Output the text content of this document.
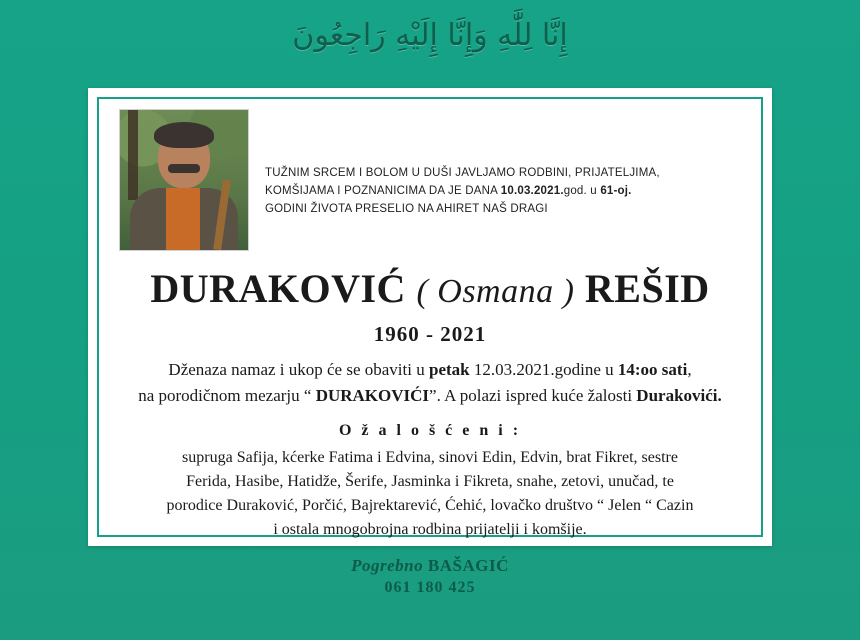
إِنَّا لِلَّٰهِ وَإِنَّا إِلَيْهِ رَاجِعُونَ
TUŽNIM SRCEM I BOLOM U DUŠI JAVLJAMO RODBINI, PRIJATELJIMA,
KOMŠIJAMA I POZNANICIMA DA JE DANA 10.03.2021.god. u 61-oj.
GODINI ŽIVOTA PRESELIO NA AHIRET NAŠ DRAGI
DURAKOVIĆ ( Osmana ) REŠID
1960 - 2021
Dženaza namaz i ukop će se obaviti u petak 12.03.2021.godine u 14:oo sati,
na porodičnom mezarju “ DURAKOVIĆI”. A polazi ispred kuće žalosti Durakovići.
O ž a l o š ć e n i :
supruga Safija, kćerke Fatima i Edvina, sinovi Edin, Edvin, brat Fikret, sestre
Ferida, Hasibe, Hatidže, Šerife, Jasminka i Fikreta, snahe, zetovi, unučad, te
porodice Duraković, Porčić, Bajrektarević, Ćehić, lovačko društvo “ Jelen “ Cazin
i ostala mnogobrojna rodbina prijatelji i komšije.
Pogrebno BAŠAGIĆ
061 180 425
